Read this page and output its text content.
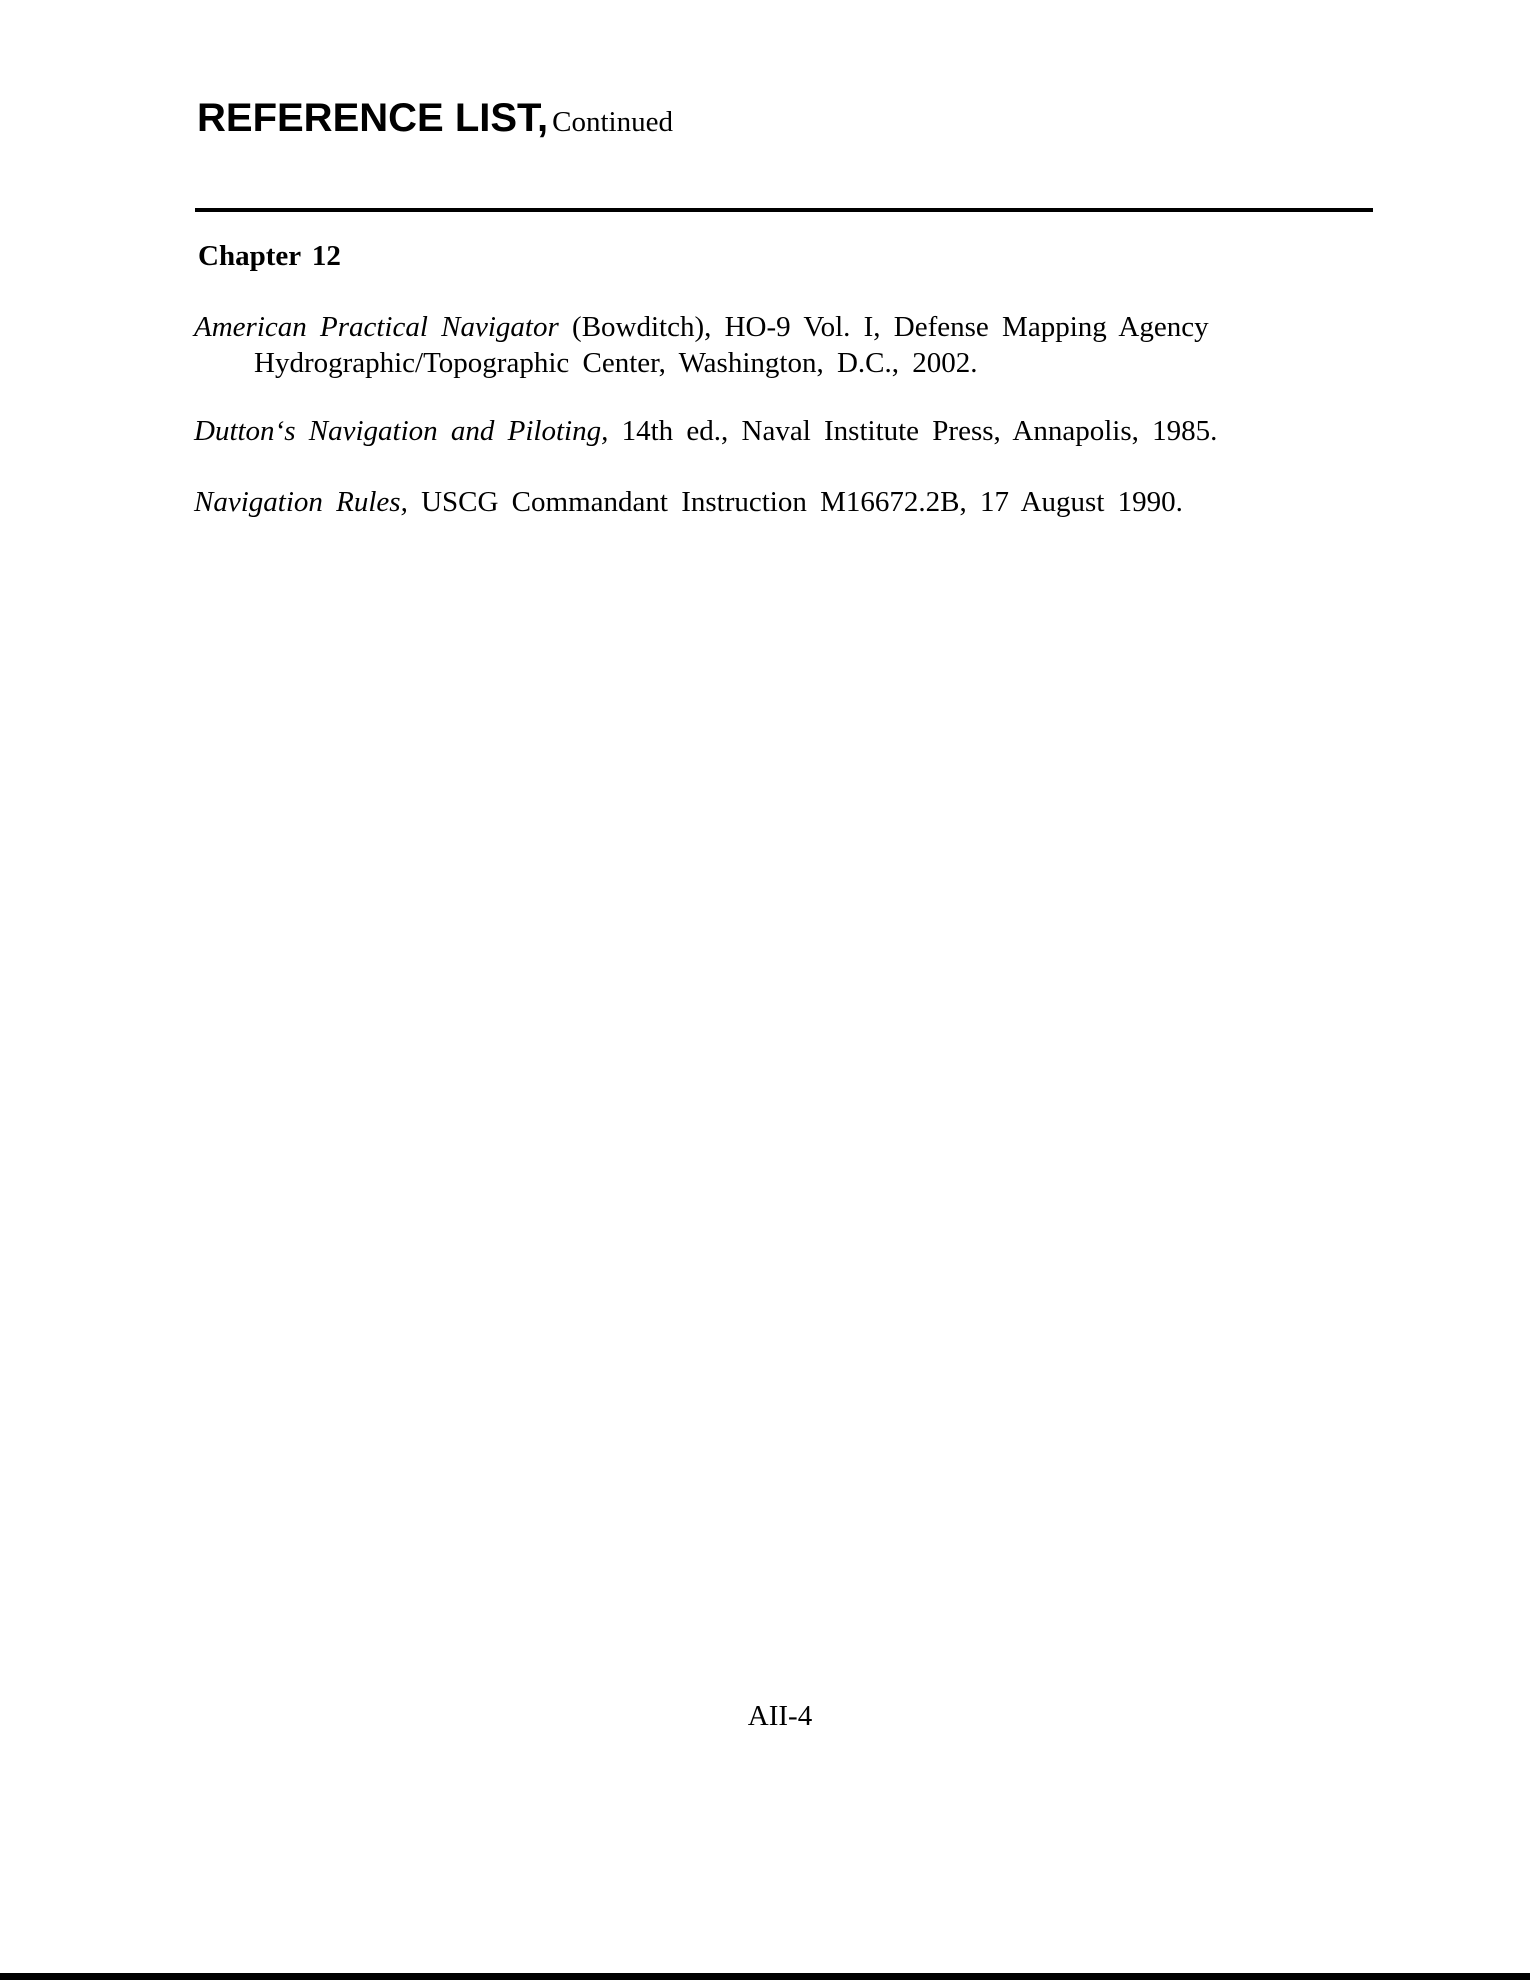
REFERENCE LIST, Continued
Chapter 12
American Practical Navigator (Bowditch), HO-9 Vol. I, Defense Mapping Agency
Hydrographic/Topographic Center, Washington, D.C., 2002.
Dutton‘s Navigation and Piloting, 14th ed., Naval Institute Press, Annapolis, 1985.
Navigation Rules, USCG Commandant Instruction M16672.2B, 17 August 1990.
AII-4
